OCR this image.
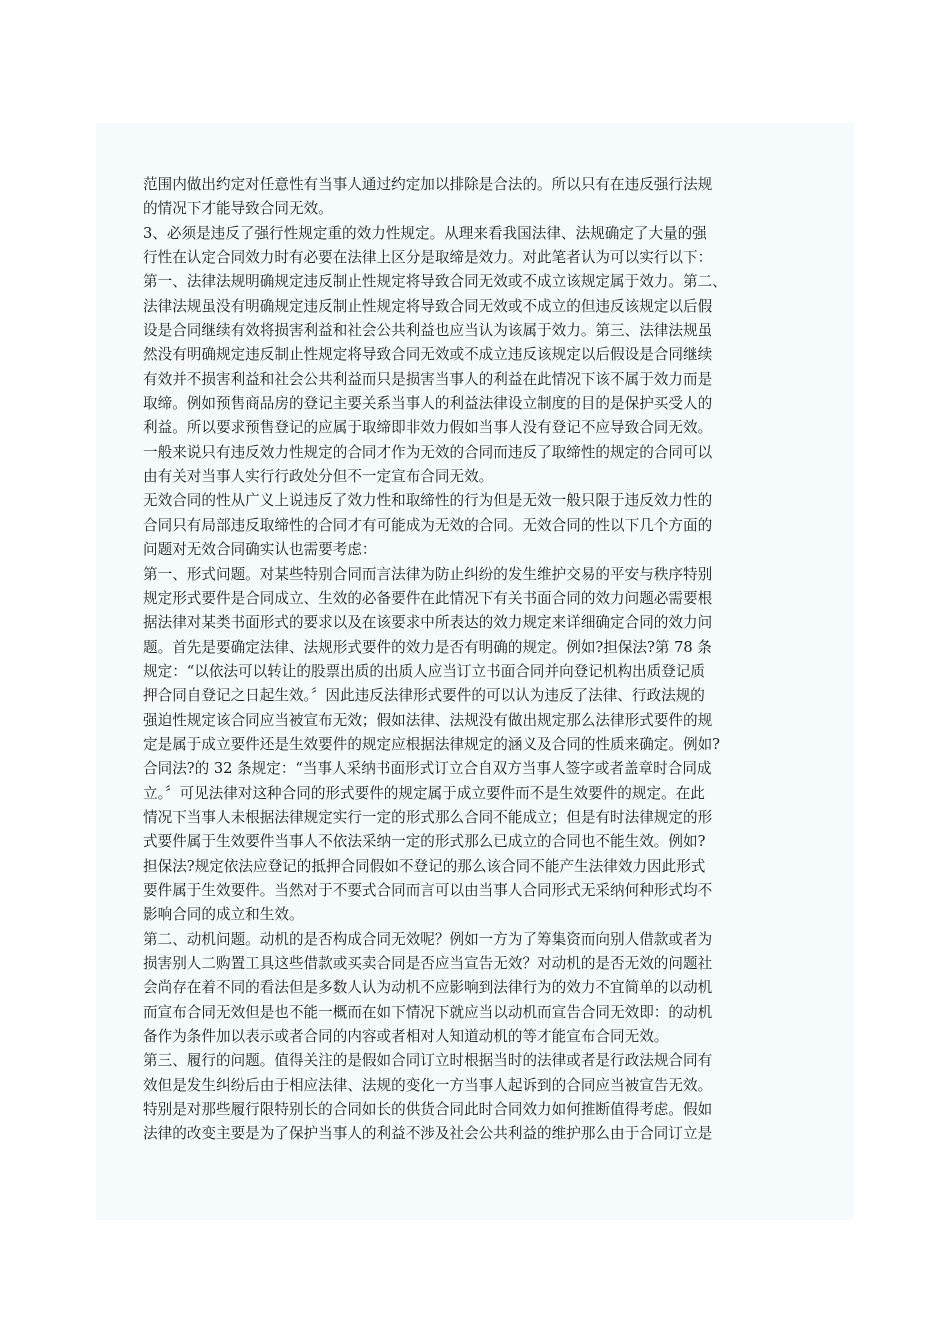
范围内做出约定对任意性有当事人通过约定加以排除是合法的。所以只有在违反强行法规
的情况下才能导致合同无效。
3、必须是违反了强行性规定重的效力性规定。从理来看我国法律、法规确定了大量的强
行性在认定合同效力时有必要在法律上区分是取缔是效力。对此笔者认为可以实行以下：
第一、法律法规明确规定违反制止性规定将导致合同无效或不成立该规定属于效力。第二、
法律法规虽没有明确规定违反制止性规定将导致合同无效或不成立的但违反该规定以后假
设是合同继续有效将损害利益和社会公共利益也应当认为该属于效力。第三、法律法规虽
然没有明确规定违反制止性规定将导致合同无效或不成立违反该规定以后假设是合同继续
有效并不损害利益和社会公共利益而只是损害当事人的利益在此情况下该不属于效力而是
取缔。例如预售商品房的登记主要关系当事人的利益法律设立制度的目的是保护买受人的
利益。所以要求预售登记的应属于取缔即非效力假如当事人没有登记不应导致合同无效。
一般来说只有违反效力性规定的合同才作为无效的合同而违反了取缔性的规定的合同可以
由有关对当事人实行行政处分但不一定宣布合同无效。
无效合同的性从广义上说违反了效力性和取缔性的行为但是无效一般只限于违反效力性的
合同只有局部违反取缔性的合同才有可能成为无效的合同。无效合同的性以下几个方面的
问题对无效合同确实认也需要考虑：
第一、形式问题。对某些特别合同而言法律为防止纠纷的发生维护交易的平安与秩序特别
规定形式要件是合同成立、生效的必备要件在此情况下有关书面合同的效力问题必需要根
据法律对某类书面形式的要求以及在该要求中所表达的效力规定来详细确定合同的效力问
题。首先是要确定法律、法规形式要件的效力是否有明确的规定。例如?担保法?第 78 条
规定：“以依法可以转让的股票出质的出质人应当订立书面合同并向登记机构出质登记质
押合同自登记之日起生效。〞因此违反法律形式要件的可以认为违反了法律、行政法规的
强迫性规定该合同应当被宣布无效；假如法律、法规没有做出规定那么法律形式要件的规
定是属于成立要件还是生效要件的规定应根据法律规定的涵义及合同的性质来确定。例如?
合同法?的 32 条规定：“当事人采纳书面形式订立合自双方当事人签字或者盖章时合同成
立。〞可见法律对这种合同的形式要件的规定属于成立要件而不是生效要件的规定。在此
情况下当事人未根据法律规定实行一定的形式那么合同不能成立；但是有时法律规定的形
式要件属于生效要件当事人不依法采纳一定的形式那么已成立的合同也不能生效。例如?
担保法?规定依法应登记的抵押合同假如不登记的那么该合同不能产生法律效力因此形式
要件属于生效要件。当然对于不要式合同而言可以由当事人合同形式无采纳何种形式均不
影响合同的成立和生效。
第二、动机问题。动机的是否构成合同无效呢？例如一方为了筹集资而向别人借款或者为
损害别人二购置工具这些借款或买卖合同是否应当宣告无效？对动机的是否无效的问题社
会尚存在着不同的看法但是多数人认为动机不应影响到法律行为的效力不宜简单的以动机
而宣布合同无效但是也不能一概而在如下情况下就应当以动机而宣告合同无效即：的动机
备作为条件加以表示或者合同的内容或者相对人知道动机的等才能宣布合同无效。
第三、履行的问题。值得关注的是假如合同订立时根据当时的法律或者是行政法规合同有
效但是发生纠纷后由于相应法律、法规的变化一方当事人起诉到的合同应当被宣告无效。
特别是对那些履行限特别长的合同如长的供货合同此时合同效力如何推断值得考虑。假如
法律的改变主要是为了保护当事人的利益不涉及社会公共利益的维护那么由于合同订立是
